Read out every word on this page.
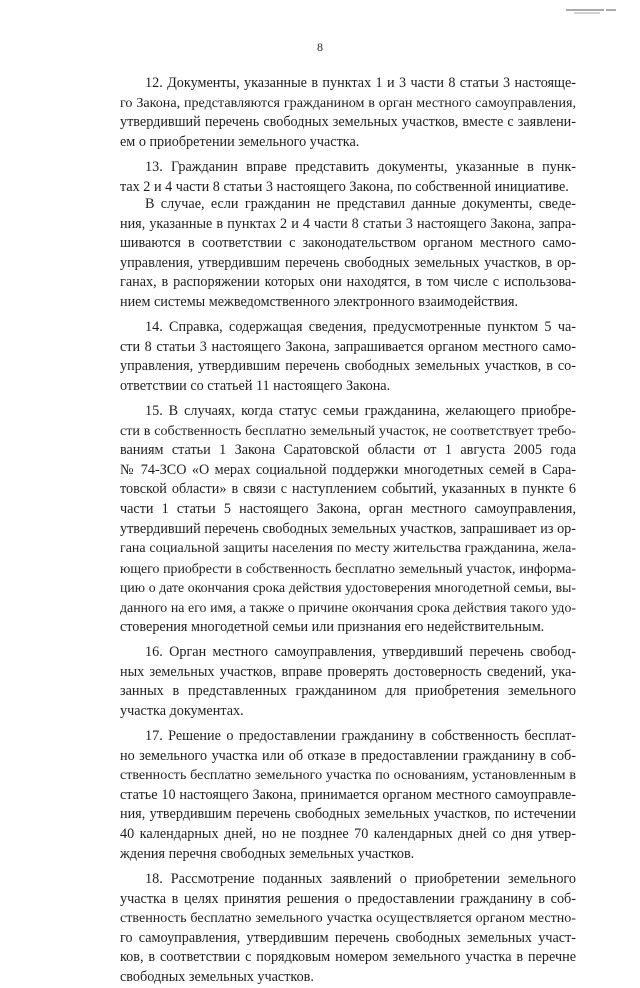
8
12. Документы, указанные в пунктах 1 и 3 части 8 статьи 3 настояще-
го Закона, представляются гражданином в орган местного самоуправления,
утвердивший перечень свободных земельных участков, вместе с заявлени-
ем о приобретении земельного участка.
13. Гражданин вправе представить документы, указанные в пунк-
тах 2 и 4 части 8 статьи 3 настоящего Закона, по собственной инициативе.
В случае, если гражданин не представил данные документы, сведе-
ния, указанные в пунктах 2 и 4 части 8 статьи 3 настоящего Закона, запра-
шиваются в соответствии с законодательством органом местного само-
управления, утвердившим перечень свободных земельных участков, в ор-
ганах, в распоряжении которых они находятся, в том числе с использова-
нием системы межведомственного электронного взаимодействия.
14. Справка, содержащая сведения, предусмотренные пунктом 5 ча-
сти 8 статьи 3 настоящего Закона, запрашивается органом местного само-
управления, утвердившим перечень свободных земельных участков, в со-
ответствии со статьей 11 настоящего Закона.
15. В случаях, когда статус семьи гражданина, желающего приобре-
сти в собственность бесплатно земельный участок, не соответствует требо-
ваниям статьи 1 Закона Саратовской области от 1 августа 2005 года
№ 74-ЗСО «О мерах социальной поддержки многодетных семей в Сара-
товской области» в связи с наступлением событий, указанных в пункте 6
части 1 статьи 5 настоящего Закона, орган местного самоуправления,
утвердивший перечень свободных земельных участков, запрашивает из ор-
гана социальной защиты населения по месту жительства гражданина, жела-
ющего приобрести в собственность бесплатно земельный участок, информа-
цию о дате окончания срока действия удостоверения многодетной семьи, вы-
данного на его имя, а также о причине окончания срока действия такого удо-
стоверения многодетной семьи или признания его недействительным.
16. Орган местного самоуправления, утвердивший перечень свобод-
ных земельных участков, вправе проверять достоверность сведений, ука-
занных в представленных гражданином для приобретения земельного
участка документах.
17. Решение о предоставлении гражданину в собственность бесплат-
но земельного участка или об отказе в предоставлении гражданину в соб-
ственность бесплатно земельного участка по основаниям, установленным в
статье 10 настоящего Закона, принимается органом местного самоуправле-
ния, утвердившим перечень свободных земельных участков, по истечении
40 календарных дней, но не позднее 70 календарных дней со дня утвер-
ждения перечня свободных земельных участков.
18. Рассмотрение поданных заявлений о приобретении земельного
участка в целях принятия решения о предоставлении гражданину в соб-
ственность бесплатно земельного участка осуществляется органом местно-
го самоуправления, утвердившим перечень свободных земельных участ-
ков, в соответствии с порядковым номером земельного участка в перечне
свободных земельных участков.
